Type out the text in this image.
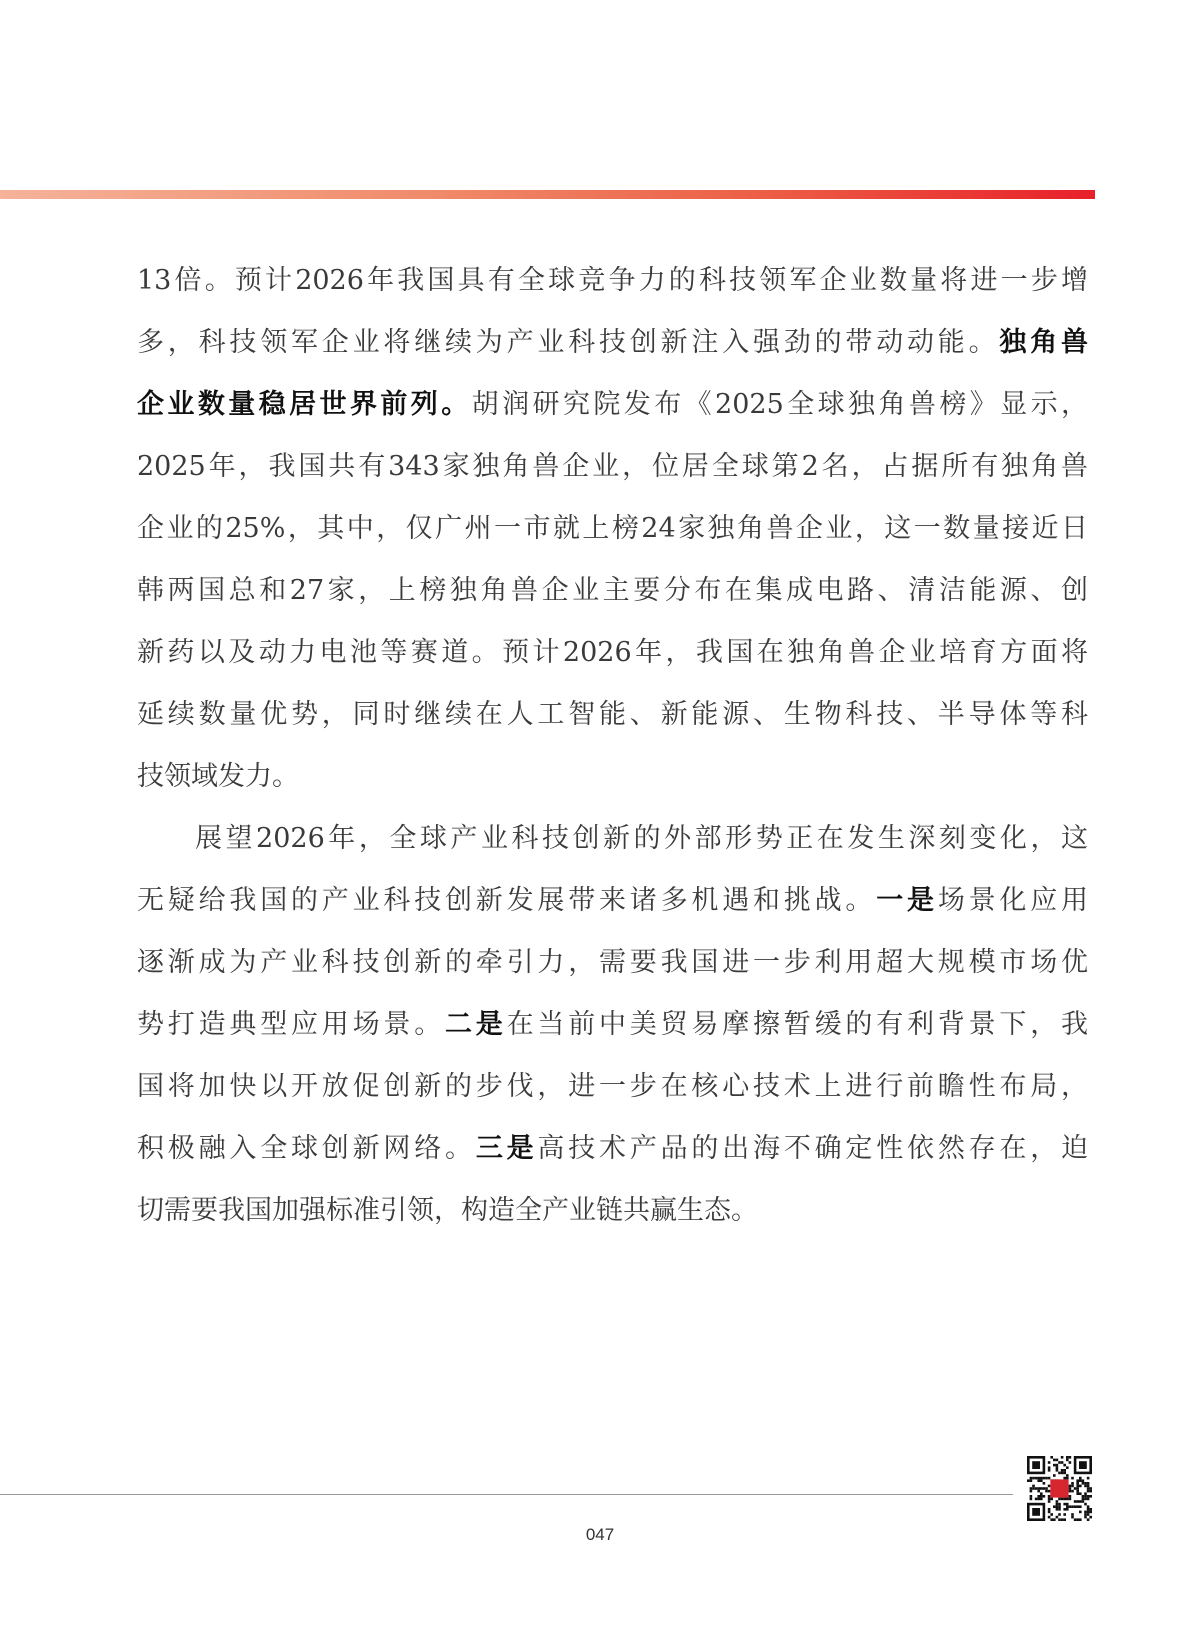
13倍。预计2026年我国具有全球竞争力的科技领军企业数量将进一步增
多，科技领军企业将继续为产业科技创新注入强劲的带动动能。独角兽
企业数量稳居世界前列。胡润研究院发布《2025全球独角兽榜》显示，
2025年，我国共有343家独角兽企业，位居全球第2名，占据所有独角兽
企业的25%，其中，仅广州一市就上榜24家独角兽企业，这一数量接近日
韩两国总和27家，上榜独角兽企业主要分布在集成电路、清洁能源、创
新药以及动力电池等赛道。预计2026年，我国在独角兽企业培育方面将
延续数量优势，同时继续在人工智能、新能源、生物科技、半导体等科
技领域发力。
展望2026年，全球产业科技创新的外部形势正在发生深刻变化，这
无疑给我国的产业科技创新发展带来诸多机遇和挑战。一是场景化应用
逐渐成为产业科技创新的牵引力，需要我国进一步利用超大规模市场优
势打造典型应用场景。二是在当前中美贸易摩擦暂缓的有利背景下，我
国将加快以开放促创新的步伐，进一步在核心技术上进行前瞻性布局，
积极融入全球创新网络。三是高技术产品的出海不确定性依然存在，迫
切需要我国加强标准引领，构造全产业链共赢生态。
047
